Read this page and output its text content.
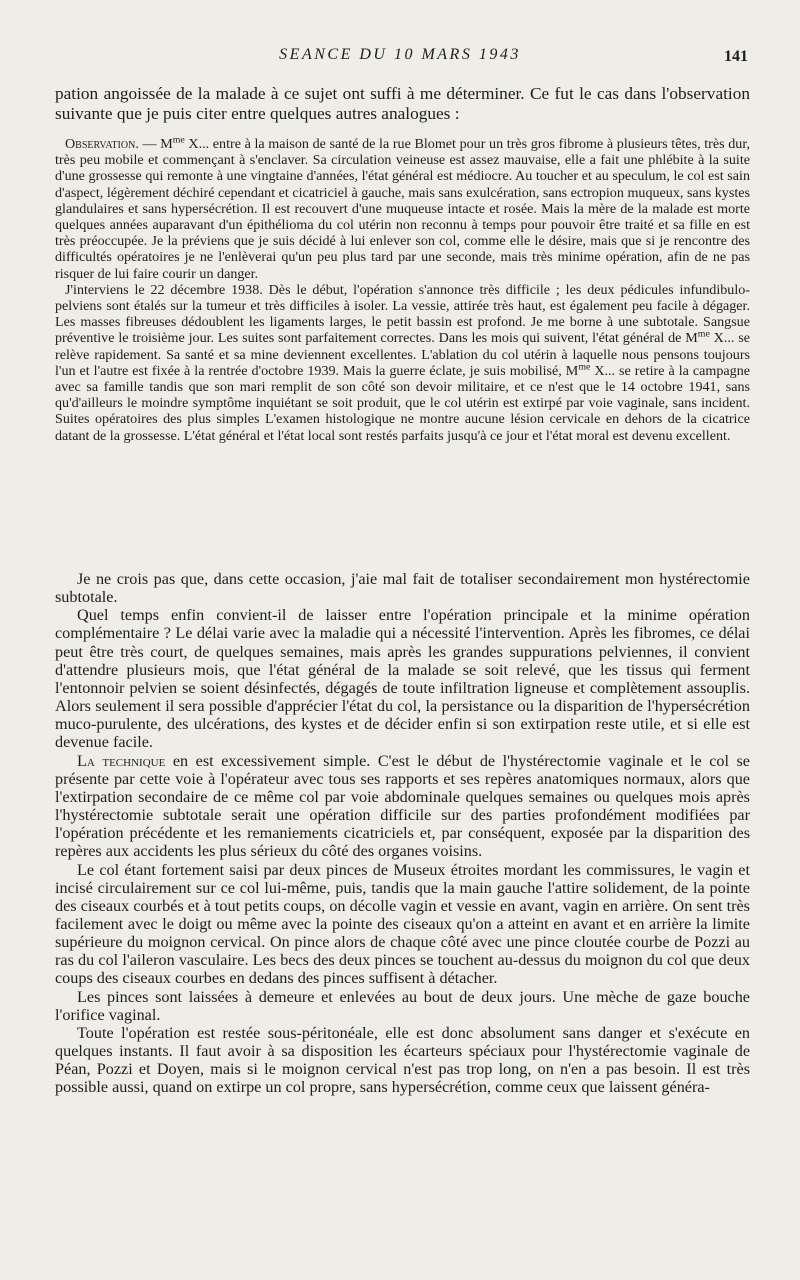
SEANCE DU 10 MARS 1943	141

pation angoissée de la malade à ce sujet ont suffi à me déterminer. Ce fut le cas dans l'observation suivante que je puis citer entre quelques autres analogues :

Observation. — $M^{me}$ X... entre à la maison de santé de la rue Blomet pour un très gros fibrome à plusieurs têtes, très dur, très peu mobile et commençant à s'enclaver. Sa circulation veineuse est assez mauvaise, elle a fait une phlébite à la suite d'une grossesse qui remonte à une vingtaine d'années, l'état général est médiocre. Au toucher et au speculum, le col est sain d'aspect, légèrement déchiré cependant et cicatriciel à gauche, mais sans exulcération, sans ectropion muqueux, sans kystes glandulaires et sans hypersécrétion. Il est recouvert d'une muqueuse intacte et rosée. Mais la mère de la malade est morte quelques années auparavant d'un épithélioma du col utérin non reconnu à temps pour pouvoir être traité et sa fille en est très préoccupée. Je la préviens que je suis décidé à lui enlever son col, comme elle le désire, mais que si je rencontre des difficultés opératoires je ne l'enlèverai qu'un peu plus tard par une seconde, mais très minime opération, afin de ne pas risquer de lui faire courir un danger.

J'interviens le 22 décembre 1938. Dès le début, l'opération s'annonce très difficile ; les deux pédicules infundibulo-pelviens sont étalés sur la tumeur et très difficiles à isoler. La vessie, attirée très haut, est également peu facile à dégager. Les masses fibreuses dédoublent les ligaments larges, le petit bassin est profond. Je me borne à une subtotale. Sangsue préventive le troisième jour. Les suites sont parfaitement correctes. Dans les mois qui suivent, l'état général de $M^{me}$ X... se relève rapidement. Sa santé et sa mine deviennent excellentes. L'ablation du col utérin à laquelle nous pensons toujours l'un et l'autre est fixée à la rentrée d'octobre 1939. Mais la guerre éclate, je suis mobilisé, $M^{me}$ X... se retire à la campagne avec sa famille tandis que son mari remplit de son côté son devoir militaire, et ce n'est que le 14 octobre 1941, sans qu'd'ailleurs le moindre symptôme inquiétant se soit produit, que le col utérin est extirpé par voie vaginale, sans incident. Suites opératoires des plus simples L'examen histologique ne montre aucune lésion cervicale en dehors de la cicatrice datant de la grossesse. L'état général et l'état local sont restés parfaits jusqu'à ce jour et l'état moral est devenu excellent.

Je ne crois pas que, dans cette occasion, j'aie mal fait de totaliser secondairement mon hystérectomie subtotale.

Quel temps enfin convient-il de laisser entre l'opération principale et la minime opération complémentaire ? Le délai varie avec la maladie qui a nécessité l'intervention. Après les fibromes, ce délai peut être très court, de quelques semaines, mais après les grandes suppurations pelviennes, il convient d'attendre plusieurs mois, que l'état général de la malade se soit relevé, que les tissus qui ferment l'entonnoir pelvien se soient désinfectés, dégagés de toute infiltration ligneuse et complètement assouplis. Alors seulement il sera possible d'apprécier l'état du col, la persistance ou la disparition de l'hypersécrétion muco-purulente, des ulcérations, des kystes et de décider enfin si son extirpation reste utile, et si elle est devenue facile.

La technique en est excessivement simple. C'est le début de l'hystérectomie vaginale et le col se présente par cette voie à l'opérateur avec tous ses rapports et ses repères anatomiques normaux, alors que l'extirpation secondaire de ce même col par voie abdominale quelques semaines ou quelques mois après l'hystérectomie subtotale serait une opération difficile sur des parties profondément modifiées par l'opération précédente et les remaniements cicatriciels et, par conséquent, exposée par la disparition des repères aux accidents les plus sérieux du côté des organes voisins.

Le col étant fortement saisi par deux pinces de Museux étroites mordant les commissures, le vagin et incisé circulairement sur ce col lui-même, puis, tandis que la main gauche l'attire solidement, de la pointe des ciseaux courbés et à tout petits coups, on décolle vagin et vessie en avant, vagin en arrière. On sent très facilement avec le doigt ou même avec la pointe des ciseaux qu'on a atteint en avant et en arrière la limite supérieure du moignon cervical. On pince alors de chaque côté avec une pince cloutée courbe de Pozzi au ras du col l'aileron vasculaire. Les becs des deux pinces se touchent au-dessus du moignon du col que deux coups des ciseaux courbes en dedans des pinces suffisent à détacher.

Les pinces sont laissées à demeure et enlevées au bout de deux jours. Une mèche de gaze bouche l'orifice vaginal.

Toute l'opération est restée sous-péritonéale, elle est donc absolument sans danger et s'exécute en quelques instants. Il faut avoir à sa disposition les écarteurs spéciaux pour l'hystérectomie vaginale de Péan, Pozzi et Doyen, mais si le moignon cervical n'est pas trop long, on n'en a pas besoin. Il est très possible aussi, quand on extirpe un col propre, sans hypersécrétion, comme ceux que laissent généra-
